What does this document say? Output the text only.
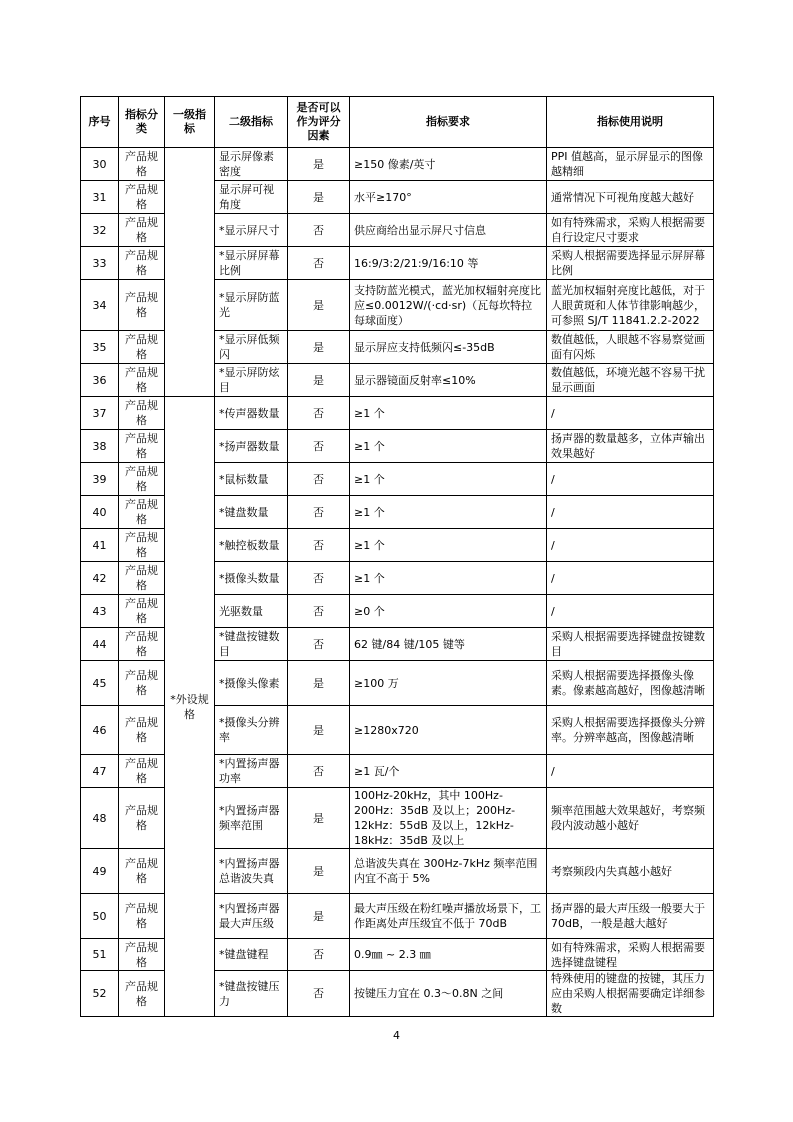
序号	指标分类	一级指标	二级指标	是否可以作为评分因素	指标要求	指标使用说明
30	产品规格		显示屏像素密度	是	≥150 像素/英寸	PPI 值越高，显示屏显示的图像越精细
31	产品规格		显示屏可视角度	是	水平≥170°	通常情况下可视角度越大越好
32	产品规格		*显示屏尺寸	否	供应商给出显示屏尺寸信息	如有特殊需求，采购人根据需要自行设定尺寸要求
33	产品规格		*显示屏屏幕比例	否	16:9/3:2/21:9/16:10 等	采购人根据需要选择显示屏屏幕比例
34	产品规格		*显示屏防蓝光	是	支持防蓝光模式，蓝光加权辐射亮度比应≤0.0012W/(·cd·sr)（瓦每坎特拉每球面度）	蓝光加权辐射亮度比越低，对于人眼黄斑和人体节律影响越少，可参照 SJ/T 11841.2.2-2022
35	产品规格		*显示屏低频闪	是	显示屏应支持低频闪≤-35dB	数值越低，人眼越不容易察觉画面有闪烁
36	产品规格		*显示屏防炫目	是	显示器镜面反射率≤10%	数值越低，环境光越不容易干扰显示画面
37	产品规格	*外设规格	*传声器数量	否	≥1 个	/
38	产品规格		*扬声器数量	否	≥1 个	扬声器的数量越多，立体声输出效果越好
39	产品规格		*鼠标数量	否	≥1 个	/
40	产品规格		*键盘数量	否	≥1 个	/
41	产品规格		*触控板数量	否	≥1 个	/
42	产品规格		*摄像头数量	否	≥1 个	/
43	产品规格		光驱数量	否	≥0 个	/
44	产品规格		*键盘按键数目	否	62 键/84 键/105 键等	采购人根据需要选择键盘按键数目
45	产品规格		*摄像头像素	是	≥100 万	采购人根据需要选择摄像头像素。像素越高越好，图像越清晰
46	产品规格		*摄像头分辨率	是	≥1280x720	采购人根据需要选择摄像头分辨率。分辨率越高，图像越清晰
47	产品规格		*内置扬声器功率	否	≥1 瓦/个	/
48	产品规格		*内置扬声器频率范围	是	100Hz-20kHz，其中 100Hz-200Hz：35dB 及以上；200Hz-12kHz：55dB 及以上，12kHz-18kHz：35dB 及以上	频率范围越大效果越好，考察频段内波动越小越好
49	产品规格		*内置扬声器总谐波失真	是	总谐波失真在 300Hz-7kHz 频率范围内宜不高于 5%	考察频段内失真越小越好
50	产品规格		*内置扬声器最大声压级	是	最大声压级在粉红噪声播放场景下，工作距离处声压级宜不低于 70dB	扬声器的最大声压级一般要大于 70dB，一般是越大越好
51	产品规格		*键盘键程	否	0.9㎜ ~ 2.3 ㎜	如有特殊需求，采购人根据需要选择键盘键程
52	产品规格		*键盘按键压力	否	按键压力宜在 0.3～0.8N 之间	特殊使用的键盘的按键，其压力应由采购人根据需要确定详细参数
4
